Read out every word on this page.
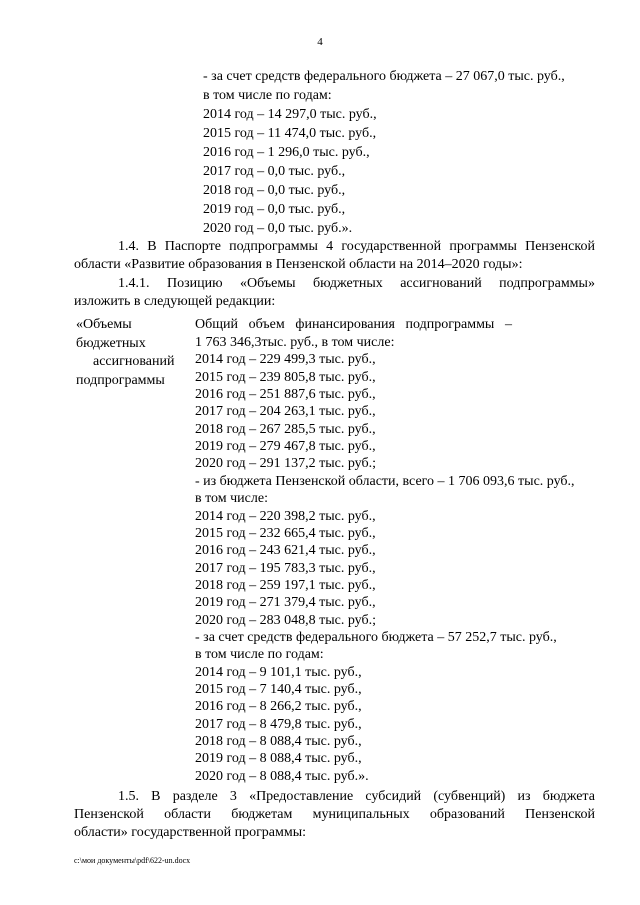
4
- за счет средств федерального бюджета – 27 067,0 тыс. руб.,
в том числе по годам:
2014 год – 14 297,0 тыс. руб.,
2015 год – 11 474,0 тыс. руб.,
2016 год – 1 296,0 тыс. руб.,
2017 год – 0,0 тыс. руб.,
2018 год – 0,0 тыс. руб.,
2019 год – 0,0 тыс. руб.,
2020 год – 0,0 тыс. руб.».
1.4. В Паспорте подпрограммы 4 государственной программы Пензенской
области «Развитие образования в Пензенской области на 2014–2020 годы»:
1.4.1. Позицию «Объемы бюджетных ассигнований подпрограммы»
изложить в следующей редакции:
«Объемы
бюджетных
ассигнований
подпрограммы
Общий объем финансирования подпрограммы –
1 763 346,3тыс. руб., в том числе:
2014 год – 229 499,3 тыс. руб.,
2015 год – 239 805,8 тыс. руб.,
2016 год – 251 887,6 тыс. руб.,
2017 год – 204 263,1 тыс. руб.,
2018 год – 267 285,5 тыс. руб.,
2019 год – 279 467,8 тыс. руб.,
2020 год – 291 137,2 тыс. руб.;
- из бюджета Пензенской области, всего – 1 706 093,6 тыс. руб.,
в том числе:
2014 год – 220 398,2 тыс. руб.,
2015 год – 232 665,4 тыс. руб.,
2016 год – 243 621,4 тыс. руб.,
2017 год – 195 783,3 тыс. руб.,
2018 год – 259 197,1 тыс. руб.,
2019 год – 271 379,4 тыс. руб.,
2020 год – 283 048,8 тыс. руб.;
- за счет средств федерального бюджета – 57 252,7 тыс. руб.,
в том числе по годам:
2014 год – 9 101,1 тыс. руб.,
2015 год – 7 140,4 тыс. руб.,
2016 год – 8 266,2 тыс. руб.,
2017 год – 8 479,8 тыс. руб.,
2018 год – 8 088,4 тыс. руб.,
2019 год – 8 088,4 тыс. руб.,
2020 год – 8 088,4 тыс. руб.».
1.5. В разделе 3 «Предоставление субсидий (субвенций) из бюджета
Пензенской области бюджетам муниципальных образований Пензенской
области» государственной программы:
c:\мои документы\pdf\622-un.docx
